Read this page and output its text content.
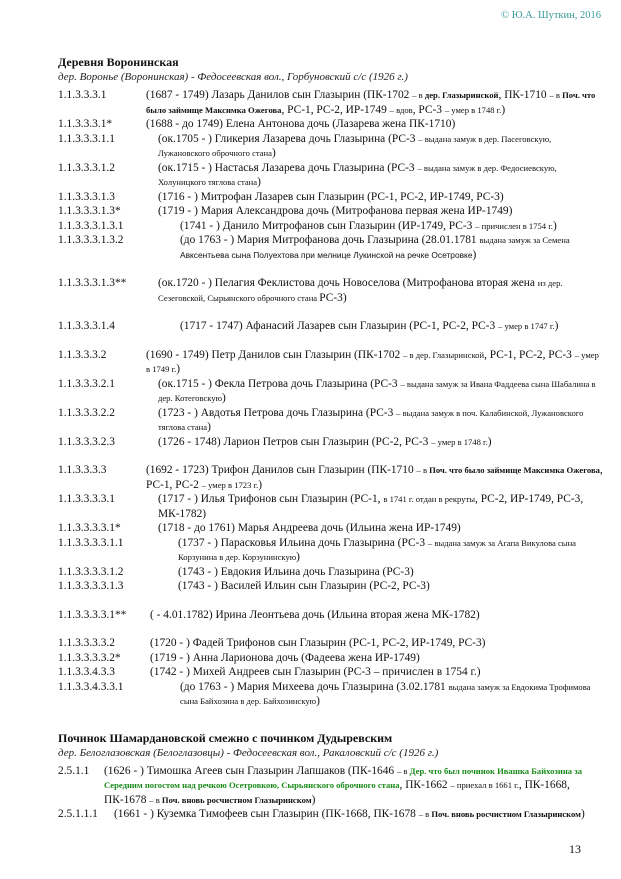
© Ю.А. Шуткин, 2016
Деревня Воронинская
дер. Воронье (Воронинская) - Федосеевская вол., Горбуновский с/с (1926 г.)
1.1.3.3.3.1	(1687 - 1749) Лазарь Данилов сын Глазырин (ПК-1702 – в дер. Глазыринской, ПК-1710 – в Поч. что было займище Максимка Ожегова, РС-1, РС-2, ИР-1749 – вдов, РС-3 – умер в 1748 г.)
1.1.3.3.3.1*	(1688 - до 1749) Елена Антонова дочь (Лазарева жена ПК-1710)
1.1.3.3.3.1.1	(ок.1705 - ) Гликерия Лазарева дочь Глазырина (РС-3 – выдана замуж в дер. Пасеговскую, Лужановского оброчного стана)
1.1.3.3.3.1.2	(ок.1715 - ) Настасья Лазарева дочь Глазырина (РС-3 – выдана замуж в дер. Федосиевскую, Холуницкого тяглова стана)
1.1.3.3.3.1.3	(1716 - ) Митрофан Лазарев сын Глазырин (РС-1, РС-2, ИР-1749, РС-3)
1.1.3.3.3.1.3*	(1719 - ) Мария Александрова дочь (Митрофанова первая жена ИР-1749)
1.1.3.3.3.1.3.1	(1741 - ) Данило Митрофанов сын Глазырин (ИР-1749, РС-3 – причислен в 1754 г.)
1.1.3.3.3.1.3.2	(до 1763 - ) Мария Митрофанова дочь Глазырина (28.01.1781 выдана замуж за Семена Авксентьева сына Полуехтова при мелнице Лукинской на речке Осетровке)
1.1.3.3.3.1.3**	(ок.1720 - ) Пелагия Феклистова дочь Новоселова (Митрофанова вторая жена из дер. Сезеговской, Сырьянского оброчного стана РС-3)
1.1.3.3.3.1.4	(1717 - 1747) Афанасий Лазарев сын Глазырин (РС-1, РС-2, РС-3 – умер в 1747 г.)
1.1.3.3.3.2	(1690 - 1749) Петр Данилов сын Глазырин (ПК-1702 – в дер. Глазыринской, РС-1, РС-2, РС-3 – умер в 1749 г.)
1.1.3.3.3.2.1	(ок.1715 - ) Фекла Петрова дочь Глазырина (РС-3 – выдана замуж за Ивана Фаддеева сына Шабалина в дер. Котеговскую)
1.1.3.3.3.2.2	(1723 - ) Авдотья Петрова дочь Глазырина (РС-3 – выдана замуж в поч. Калабинской, Лужановского тяглова стана)
1.1.3.3.3.2.3	(1726 - 1748) Ларион Петров сын Глазырин (РС-2, РС-3 – умер в 1748 г.)
1.1.3.3.3.3	(1692 - 1723) Трифон Данилов сын Глазырин (ПК-1710 – в Поч. что было займище Максимка Ожегова, РС-1, РС-2 – умер в 1723 г.)
1.1.3.3.3.3.1	(1717 - ) Илья Трифонов сын Глазырин (РС-1, в 1741 г. отдан в рекруты, РС-2, ИР-1749, РС-3, МК-1782)
1.1.3.3.3.3.1*	(1718 - до 1761) Марья Андреева дочь (Ильина жена ИР-1749)
1.1.3.3.3.3.1.1	(1737 - ) Парасковья Ильина дочь Глазырина (РС-3 – выдана замуж за Агапа Викулова сына Корзунина в дер. Корзунинскую)
1.1.3.3.3.3.1.2	(1743 - ) Евдокия Ильина дочь Глазырина (РС-3)
1.1.3.3.3.3.1.3	(1743 - ) Василей Ильин сын Глазырин (РС-2, РС-3)
1.1.3.3.3.3.1**	( - 4.01.1782) Ирина Леонтьева дочь (Ильина вторая жена МК-1782)
1.1.3.3.3.3.2	(1720 - ) Фадей Трифонов сын Глазырин (РС-1, РС-2, ИР-1749, РС-3)
1.1.3.3.3.3.2*	(1719 - ) Анна Ларионова дочь (Фадеева жена ИР-1749)
1.1.3.3.4.3.3	(1742 - ) Михей Андреев сын Глазырин (РС-3 – причислен в 1754 г.)
1.1.3.3.4.3.3.1	(до 1763 - ) Мария Михеева дочь Глазырина (3.02.1781 выдана замуж за Евдокима Трофимова сына Байхозина в дер. Байхозинскую)
Починок Шамардановской смежно с починком Дудыревским
дер. Белоглазовская (Белоглазовцы) - Федосеевская вол., Ракаловский с/с (1926 г.)
2.5.1.1	(1626 - ) Тимошка Агеев сын Глазырин Лапшаков (ПК-1646 – в Дер. что был починок Ивашка Байхозина за Середним погостом над речкою Осетровкою, Сырьянского оброчного стана, ПК-1662 – приехал в 1661 г., ПК-1668, ПК-1678 – в Поч. вновь росчистном Глазыринском)
2.5.1.1.1	(1661 - ) Куземка Тимофеев сын Глазырин (ПК-1668, ПК-1678 – в Поч. вновь росчистном Глазыринском)
13
